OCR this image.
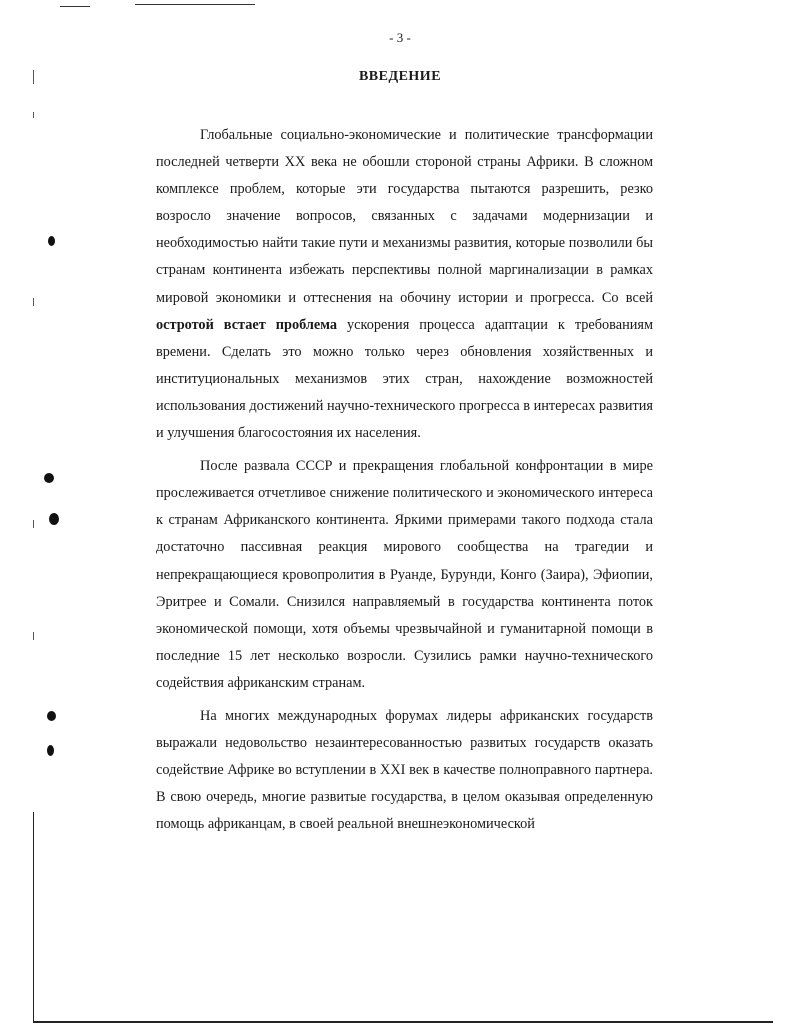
- 3 -
ВВЕДЕНИЕ

Глобальные социально-экономические и политические трансформации последней четверти XX века не обошли стороной страны Африки. В сложном комплексе проблем, которые эти государства пытаются разрешить, резко возросло значение вопросов, связанных с задачами модернизации и необходимостью найти такие пути и механизмы развития, которые позволили бы странам континента избежать перспективы полной маргинализации в рамках мировой экономики и оттеснения на обочину истории и прогресса. Со всей остротой встает проблема ускорения процесса адаптации к требованиям времени. Сделать это можно только через обновления хозяйственных и институциональных механизмов этих стран, нахождение возможностей использования достижений научно-технического прогресса в интересах развития и улучшения благосостояния их населения.

После развала СССР и прекращения глобальной конфронтации в мире прослеживается отчетливое снижение политического и экономического интереса к странам Африканского континента. Яркими примерами такого подхода стала достаточно пассивная реакция мирового сообщества на трагедии и непрекращающиеся кровопролития в Руанде, Бурунди, Конго (Заира), Эфиопии, Эритрее и Сомали. Снизился направляемый в государства континента поток экономической помощи, хотя объемы чрезвычайной и гуманитарной помощи в последние 15 лет несколько возросли. Сузились рамки научно-технического содействия африканским странам.

На многих международных форумах лидеры африканских государств выражали недовольство незаинтересованностью развитых государств оказать содействие Африке во вступлении в XXI век в качестве полноправного партнера. В свою очередь, многие развитые государства, в целом оказывая определенную помощь африканцам, в своей реальной внешнеэкономической
